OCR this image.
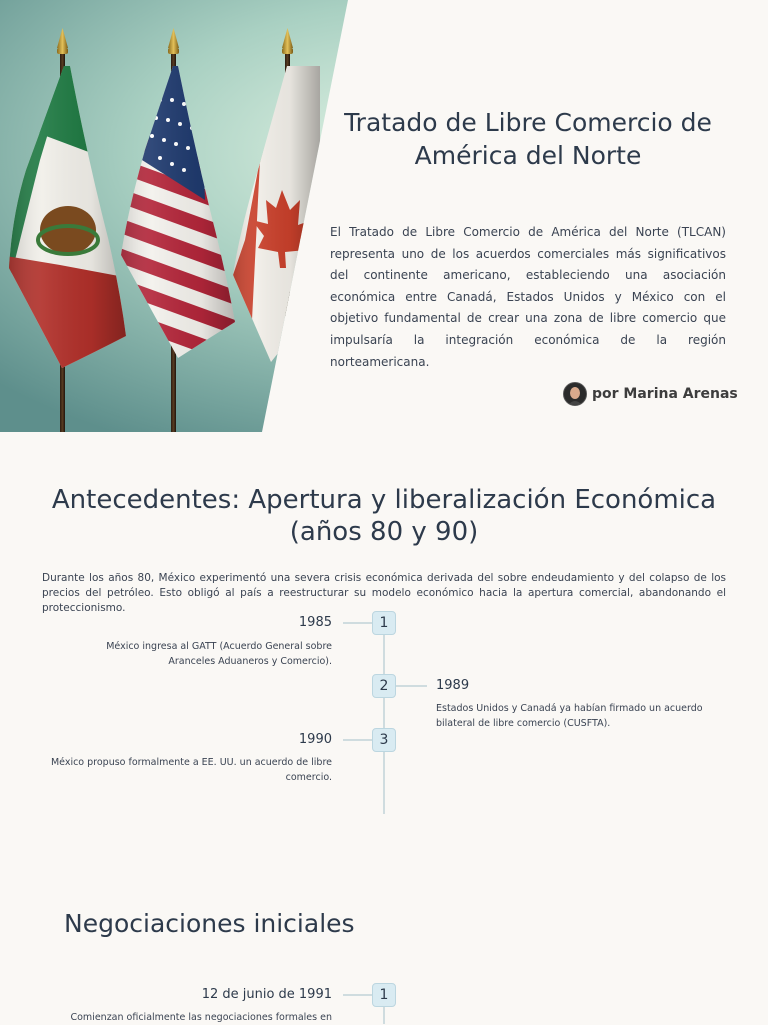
Tratado de Libre Comercio de América del Norte

El Tratado de Libre Comercio de América del Norte (TLCAN) representa uno de los acuerdos comerciales más significativos del continente americano, estableciendo una asociación económica entre Canadá, Estados Unidos y México con el objetivo fundamental de crear una zona de libre comercio que impulsaría la integración económica de la región norteamericana.

por Marina Arenas
Antecedentes: Apertura y liberalización Económica (años 80 y 90)

Durante los años 80, México experimentó una severa crisis económica derivada del sobre endeudamiento y del colapso de los precios del petróleo. Esto obligó al país a reestructurar su modelo económico hacia la apertura comercial, abandonando el proteccionismo.

1
1985

México ingresa al GATT (Acuerdo General sobre Aranceles Aduaneros y Comercio).

2	1989

Estados Unidos y Canadá ya habían firmado un acuerdo bilateral de libre comercio (CUSFTA).

3
1990

México propuso formalmente a EE. UU. un acuerdo de libre comercio.

Negociaciones iniciales
1
12 de junio de 1991

Comienzan oficialmente las negociaciones formales en
